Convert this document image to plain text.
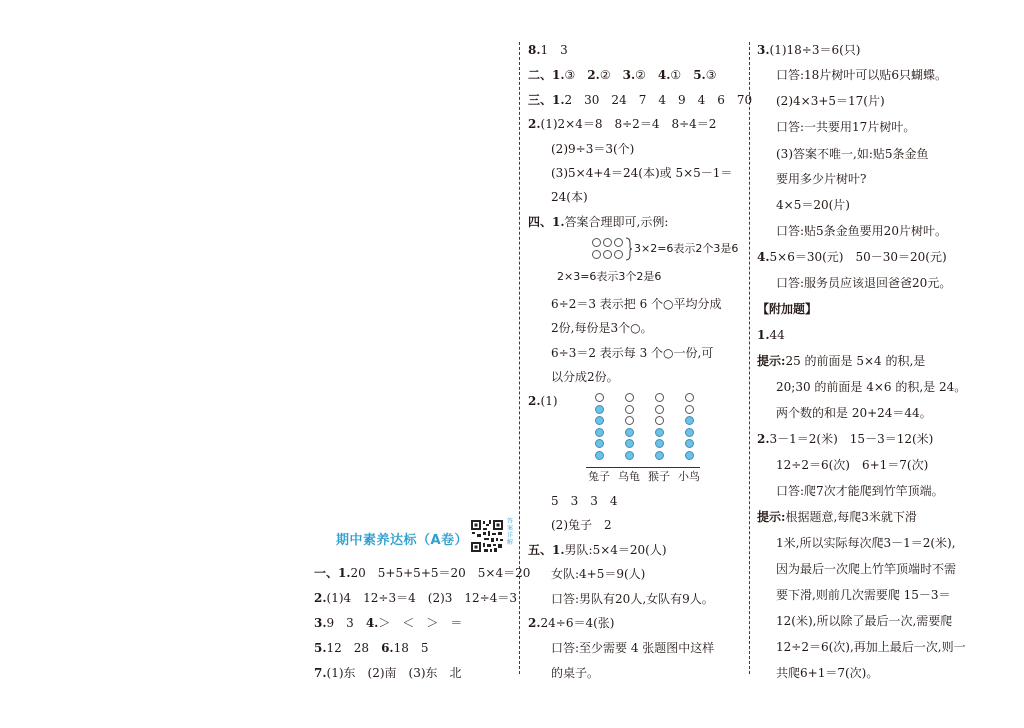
期中素养达标（A卷）
答案详解
一、1.20　5+5+5+5＝20　5×4＝20
2.(1)4　12÷3＝4　(2)3　12÷4＝3
3.9　3　4.＞　＜　＞　＝
5.12　28　6.18　5
7.(1)东　(2)南　(3)东　北
8.1　3
二、1.③　2.②　3.②　4.①　5.③
三、1.2　30　24　7　4　9　4　6　70
2.(1)2×4＝8　8÷2＝4　8÷4＝2
(2)9÷3＝3(个)
(3)5×4+4＝24(本)或 5×5－1＝
24(本)
四、1.答案合理即可,示例:
6÷2＝3 表示把 6 个○平均分成
2份,每份是3个○。
6÷3＝2 表示每 3 个○一份,可
以分成2份。
2.(1)
5　3　3　4
(2)兔子　2
五、1.男队:5×4＝20(人)
女队:4+5＝9(人)
口答:男队有20人,女队有9人。
2.24÷6＝4(张)
口答:至少需要 4 张题图中这样
的桌子。
3×2=6表示2个3是6
2×3=6表示3个2是6
兔子 乌龟 猴子 小鸟
3.(1)18÷3＝6(只)
口答:18片树叶可以贴6只蝴蝶。
(2)4×3+5＝17(片)
口答:一共要用17片树叶。
(3)答案不唯一,如:贴5条金鱼
要用多少片树叶?
4×5＝20(片)
口答:贴5条金鱼要用20片树叶。
4.5×6＝30(元)　50－30＝20(元)
口答:服务员应该退回爸爸20元。
【附加题】
1.44
提示:25 的前面是 5×4 的积,是
20;30 的前面是 4×6 的积,是 24。
两个数的和是 20+24＝44。
2.3－1＝2(米)　15－3＝12(米)
12÷2＝6(次)　6+1＝7(次)
口答:爬7次才能爬到竹竿顶端。
提示:根据题意,每爬3米就下滑
1米,所以实际每次爬3－1＝2(米),
因为最后一次爬上竹竿顶端时不需
要下滑,则前几次需要爬 15－3＝
12(米),所以除了最后一次,需要爬
12÷2＝6(次),再加上最后一次,则一
共爬6+1＝7(次)。
